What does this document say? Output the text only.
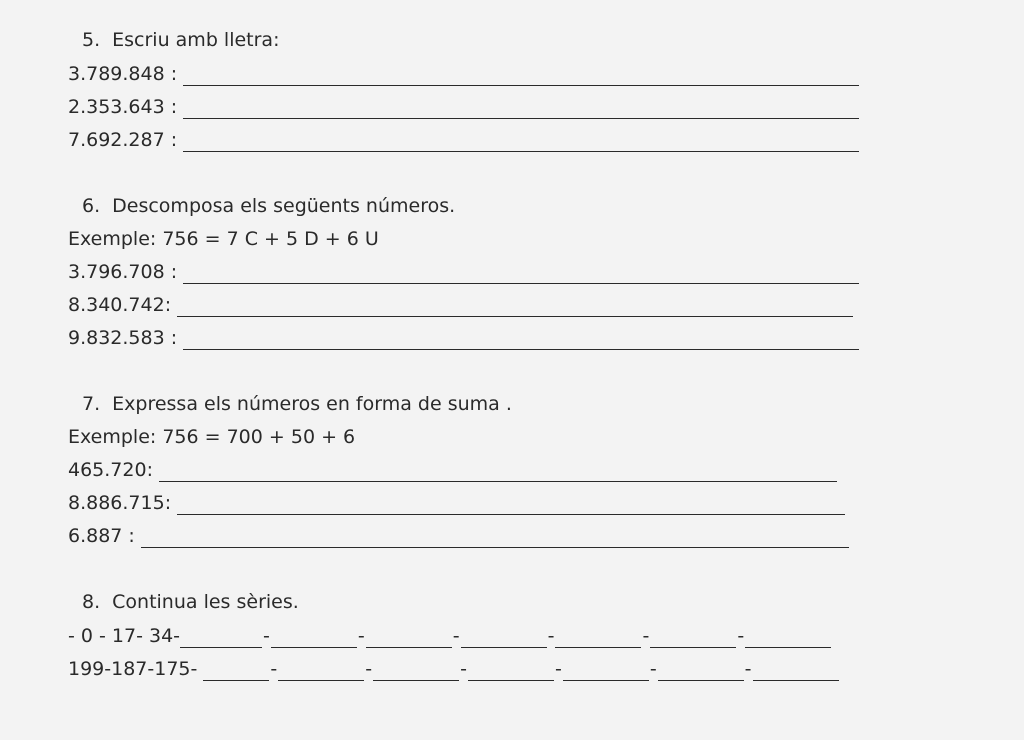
5. Escriu amb lletra:
3.789.848 :
2.353.643 :
7.692.287 :
6. Descomposa els següents números.
Exemple: 756 = 7 C + 5 D + 6 U
3.796.708 :
8.340.742:
9.832.583 :
7. Expressa els números en forma de suma .
Exemple: 756 = 700 + 50 + 6
465.720:
8.886.715:
6.887 :
8. Continua les sèries.
- 0 - 17- 34-	-	-	-	-	-	-
199-187-175-	-	-	-	-	-	-
